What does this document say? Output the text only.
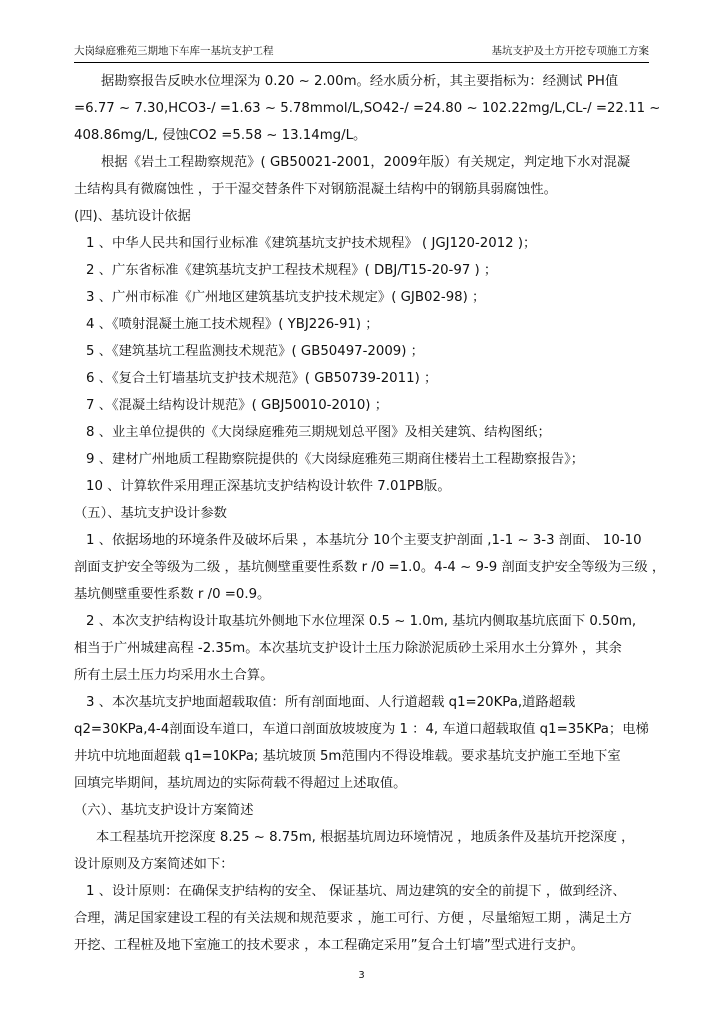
大岗绿庭雅苑三期地下车库一基坑支护工程	基坑支护及土方开挖专项施工方案
据勘察报告反映水位埋深为 0.20 ~ 2.00m。经水质分析，其主要指标为：经测试 PH值
=6.77 ~ 7.30,HCO3-/ =1.63 ~ 5.78mmol/L,SO42-/ =24.80 ~ 102.22mg/L,CL-/ =22.11 ~
408.86mg/L, 侵蚀CO2 =5.58 ~ 13.14mg/L。
根据《岩土工程勘察规范》( GB50021-2001，2009年版）有关规定，判定地下水对混凝
土结构具有微腐蚀性 ，于干湿交替条件下对钢筋混凝土结构中的钢筋具弱腐蚀性。
(四)、基坑设计依据
1 、中华人民共和国行业标准《建筑基坑支护技术规程》 ( JGJ120-2012 )；
2 、广东省标准《建筑基坑支护工程技术规程》( DBJ/T15-20-97 ) ；
3 、广州市标准《广州地区建筑基坑支护技术规定》( GJB02-98) ；
4 、《喷射混凝土施工技术规程》( YBJ226-91) ；
5 、《建筑基坑工程监测技术规范》( GB50497-2009) ；
6 、《复合土钉墙基坑支护技术规范》( GB50739-2011) ；
7 、《混凝土结构设计规范》( GBJ50010-2010) ；
8 、业主单位提供的《大岗绿庭雅苑三期规划总平图》及相关建筑、结构图纸；
9 、建材广州地质工程勘察院提供的《大岗绿庭雅苑三期商住楼岩土工程勘察报告》；
10 、计算软件采用理正深基坑支护结构设计软件 7.01PB版。
（五）、基坑支护设计参数
1 、依据场地的环境条件及破坏后果 ，本基坑分 10个主要支护剖面 ,1-1 ~ 3-3 剖面、 10-10
剖面支护安全等级为二级 ，基坑侧壁重要性系数 r /0 =1.0。4-4 ~ 9-9 剖面支护安全等级为三级 ，
基坑侧壁重要性系数 r /0 =0.9。
2 、本次支护结构设计取基坑外侧地下水位埋深 0.5 ~ 1.0m, 基坑内侧取基坑底面下 0.50m,
相当于广州城建高程 -2.35m。本次基坑支护设计土压力除淤泥质砂土采用水土分算外 ，其余
所有土层土压力均采用水土合算。
3 、本次基坑支护地面超载取值：所有剖面地面、人行道超载 q1=20KPa,道路超载
q2=30KPa,4-4剖面设车道口，车道口剖面放坡坡度为 1 ：4, 车道口超载取值 q1=35KPa；电梯
井坑中坑地面超载 q1=10KPa; 基坑坡顶 5m范围内不得设堆载。要求基坑支护施工至地下室
回填完毕期间，基坑周边的实际荷载不得超过上述取值。
（六）、基坑支护设计方案简述
本工程基坑开挖深度 8.25 ~ 8.75m, 根据基坑周边环境情况 ，地质条件及基坑开挖深度 ，
设计原则及方案简述如下：
1 、设计原则：在确保支护结构的安全、 保证基坑、周边建筑的安全的前提下 ，做到经济、
合理，满足国家建设工程的有关法规和规范要求 ，施工可行、方便 ，尽量缩短工期 ，满足土方
开挖、工程桩及地下室施工的技术要求 ，本工程确定采用”复合土钉墙”型式进行支护。
3
